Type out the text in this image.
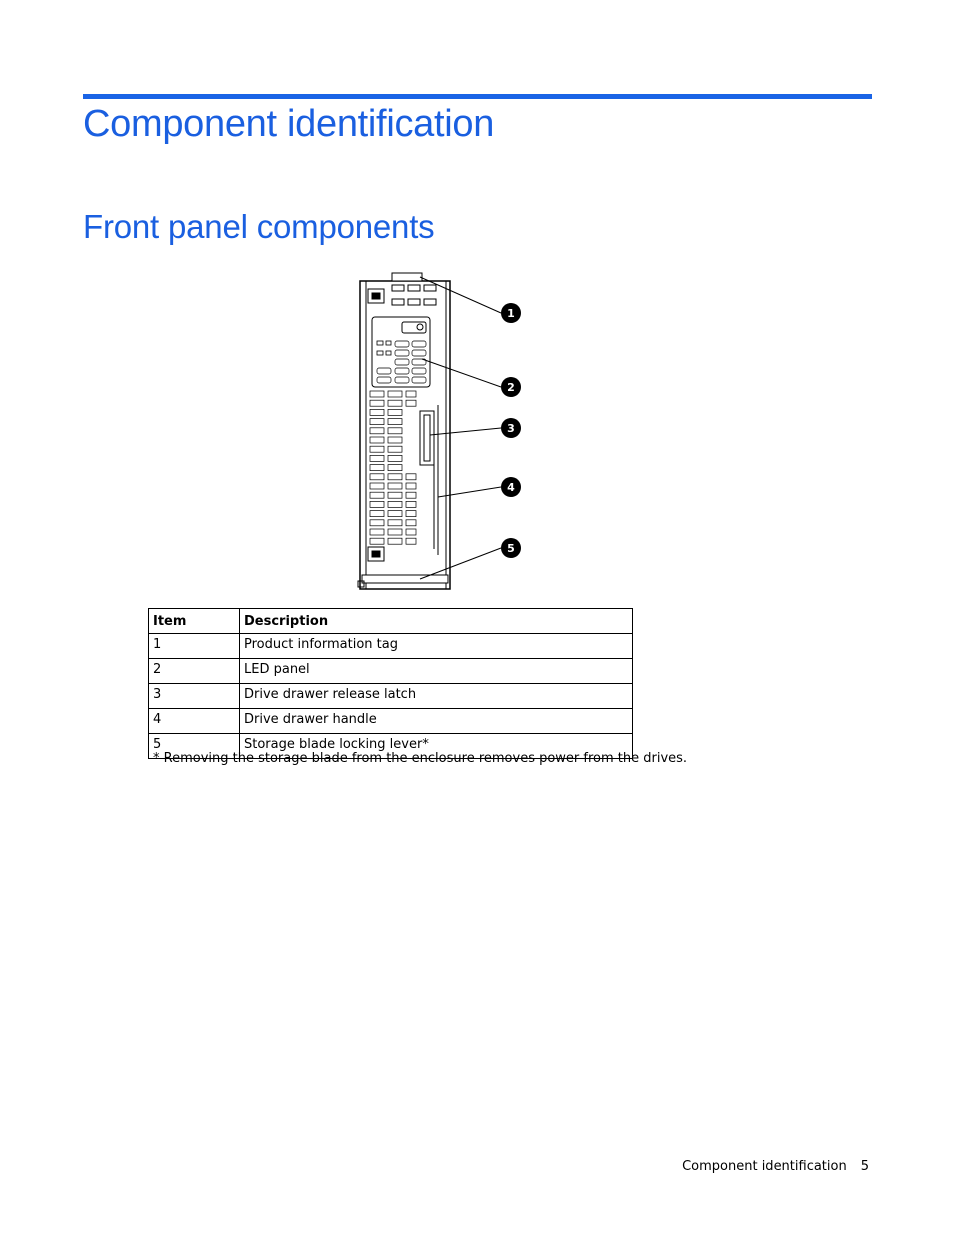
Component identification
Front panel components
1
2
3
4
5
Item	Description
1	Product information tag
2	LED panel
3	Drive drawer release latch
4	Drive drawer handle
5	Storage blade locking lever*
* Removing the storage blade from the enclosure removes power from the drives.
Component identification 5
